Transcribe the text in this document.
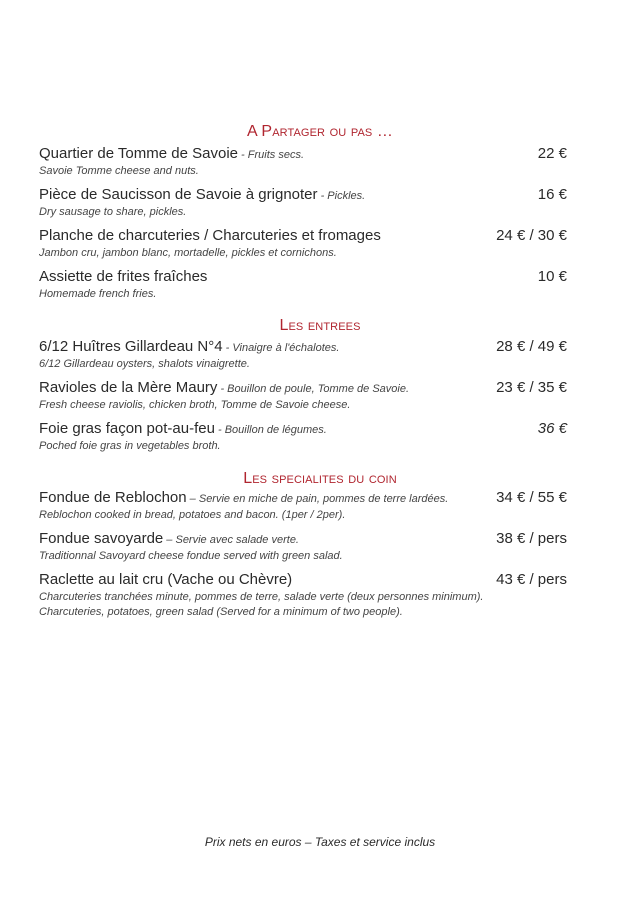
A Partager ou pas …
Quartier de Tomme de Savoie - Fruits secs.	22 €
Savoie Tomme cheese and nuts.
Pièce de Saucisson de Savoie à grignoter - Pickles.	16 €
Dry sausage to share, pickles.
Planche de charcuteries / Charcuteries et fromages	24 € / 30 €
Jambon cru, jambon blanc, mortadelle, pickles et cornichons.
Assiette de frites fraîches	10 €
Homemade french fries.
Les entrees
6/12 Huîtres Gillardeau N°4 - Vinaigre à l'échalotes.	28 € / 49 €
6/12 Gillardeau oysters, shalots vinaigrette.
Ravioles de la Mère Maury - Bouillon de poule, Tomme de Savoie.	23 € / 35 €
Fresh cheese raviolis, chicken broth, Tomme de Savoie cheese.
Foie gras façon pot-au-feu - Bouillon de légumes.	36 €
Poched foie gras in vegetables broth.
Les specialites du coin
Fondue de Reblochon – Servie en miche de pain, pommes de terre lardées.	34 € / 55 €
Reblochon cooked in bread, potatoes and bacon. (1per / 2per).
Fondue savoyarde – Servie avec salade verte.	38 € / pers
Traditionnal Savoyard cheese fondue served with green salad.
Raclette au lait cru (Vache ou Chèvre)	43 € / pers
Charcuteries tranchées minute, pommes de terre, salade verte (deux personnes minimum).
Charcuteries, potatoes, green salad (Served for a minimum of two people).
Prix nets en euros – Taxes et service inclus
